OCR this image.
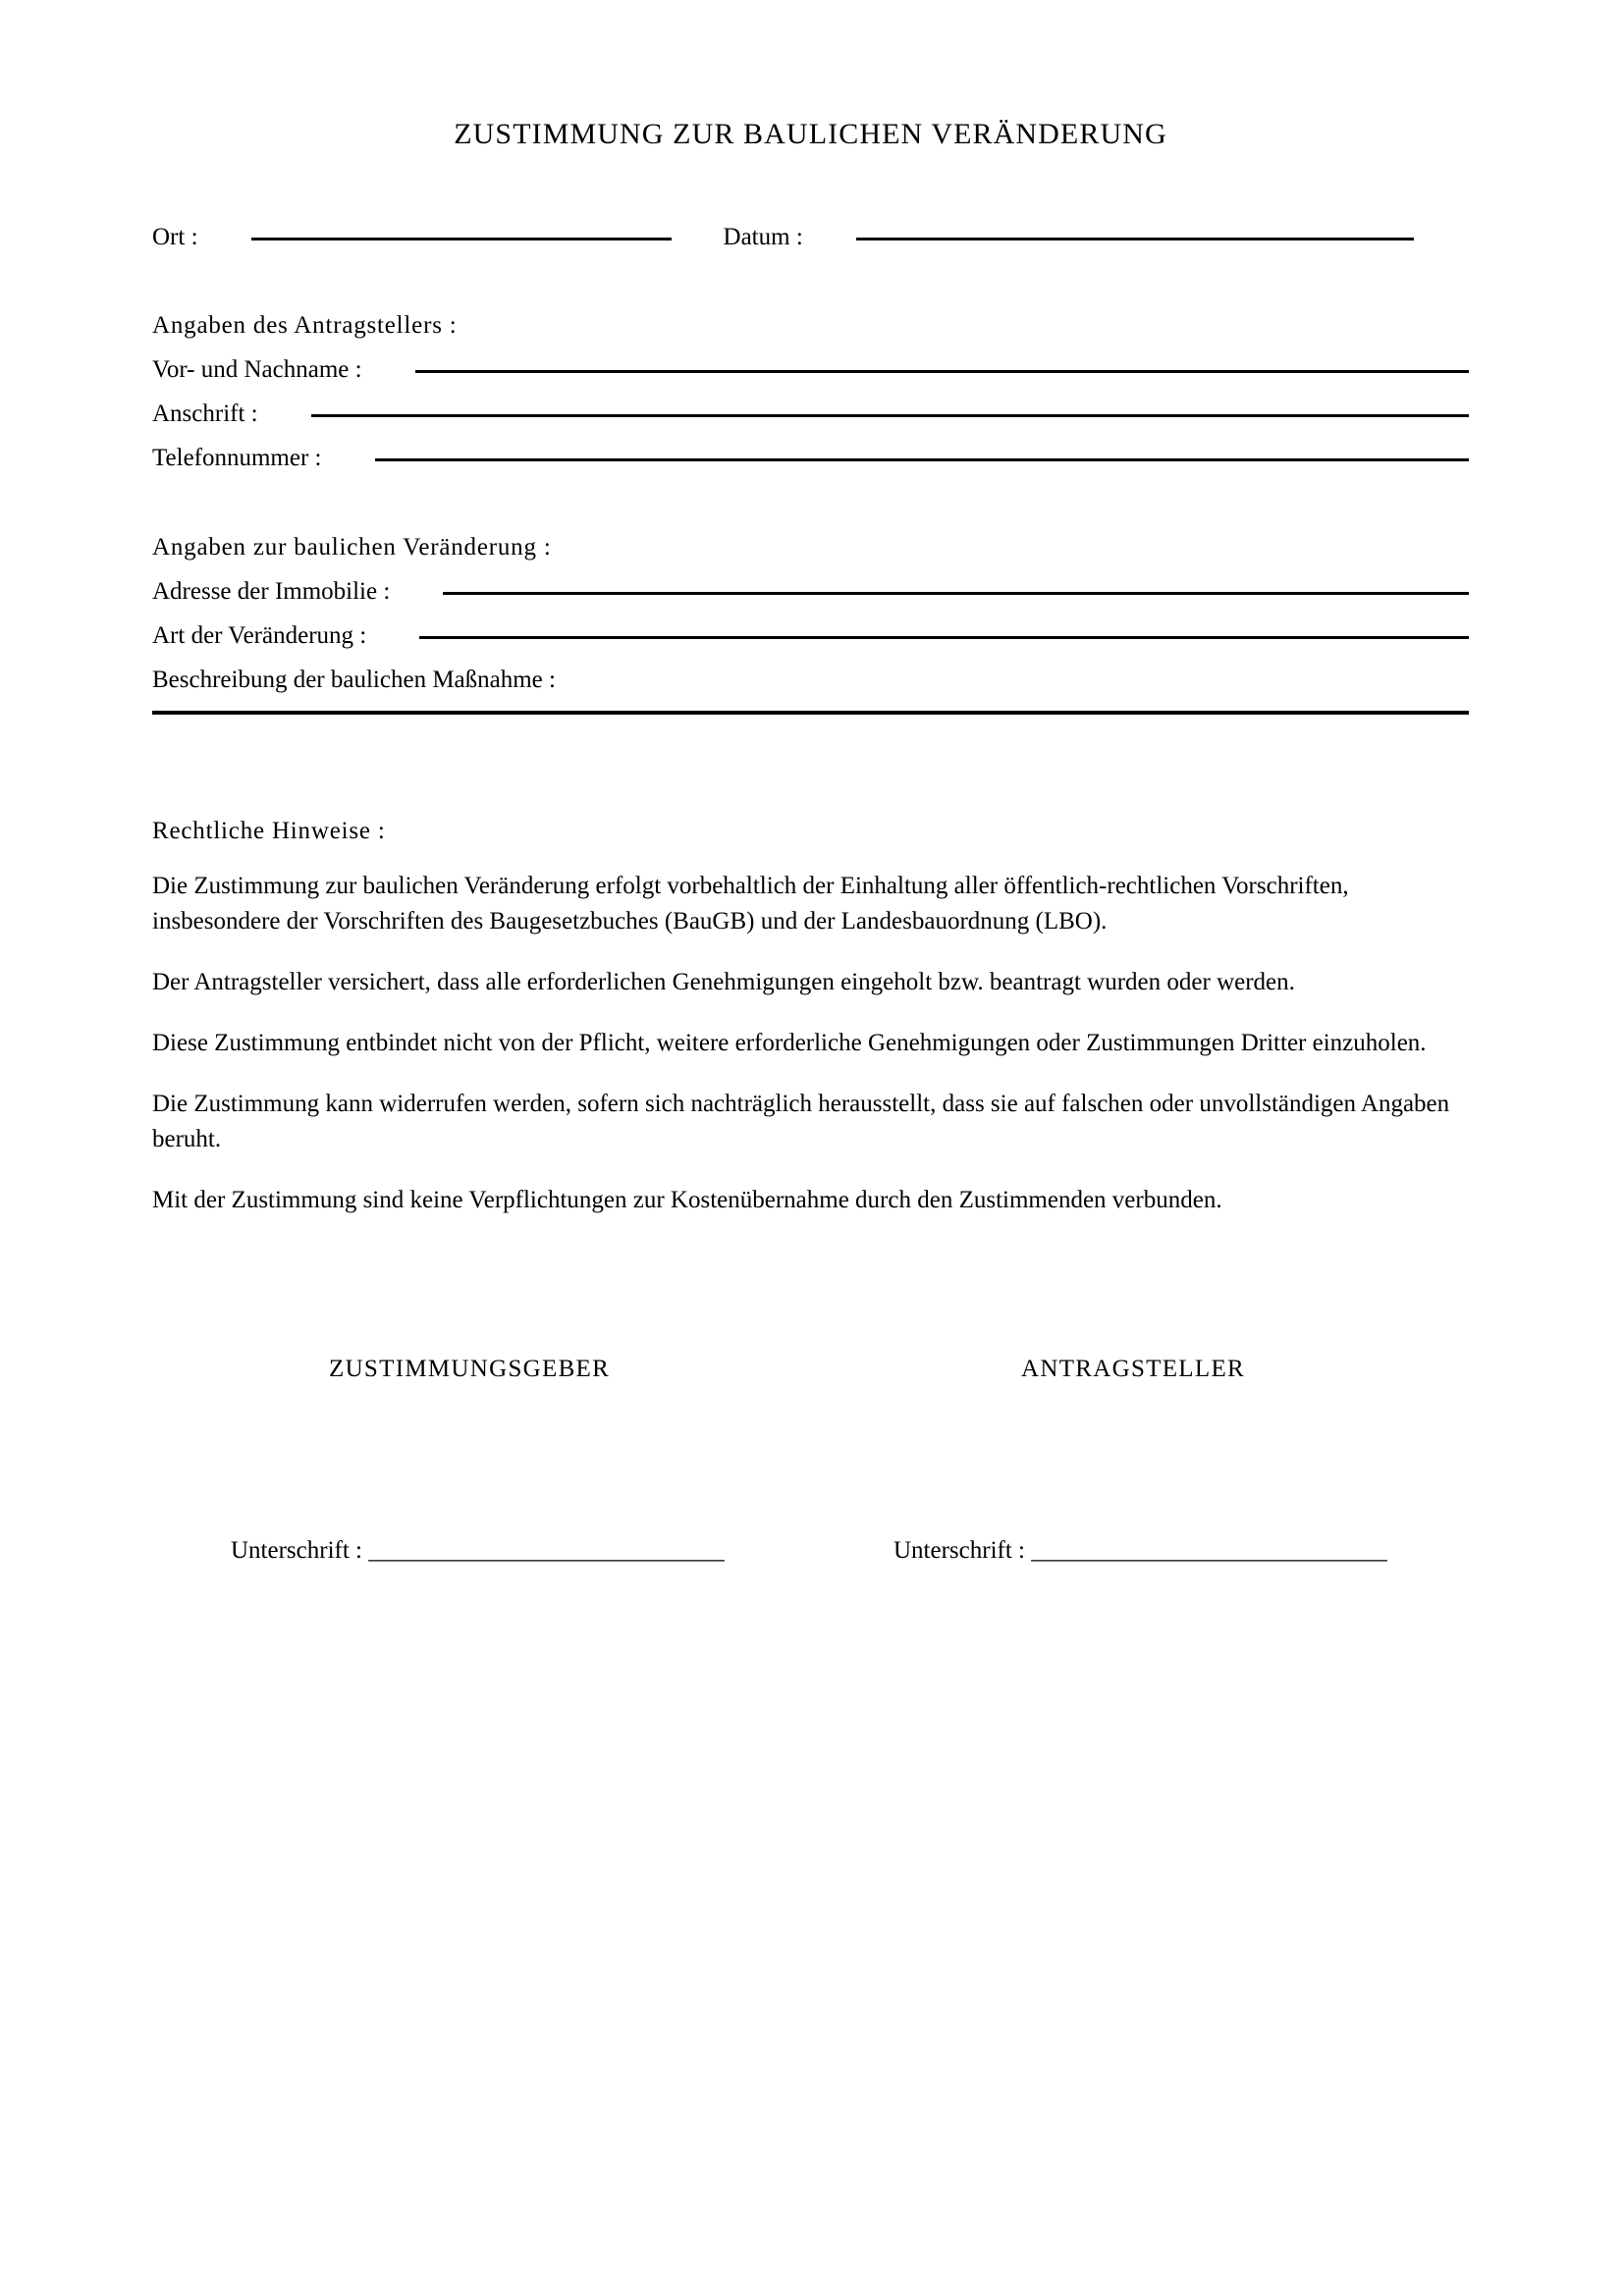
ZUSTIMMUNG ZUR BAULICHEN VERÄNDERUNG
Ort :	Datum :
Angaben des Antragstellers :
Vor- und Nachname :
Anschrift :
Telefonnummer :
Angaben zur baulichen Veränderung :
Adresse der Immobilie :
Art der Veränderung :
Beschreibung der baulichen Maßnahme :
Rechtliche Hinweise :
Die Zustimmung zur baulichen Veränderung erfolgt vorbehaltlich der Einhaltung aller öffentlich-rechtlichen Vorschriften, insbesondere der Vorschriften des Baugesetzbuches (BauGB) und der Landesbauordnung (LBO).
Der Antragsteller versichert, dass alle erforderlichen Genehmigungen eingeholt bzw. beantragt wurden oder werden.
Diese Zustimmung entbindet nicht von der Pflicht, weitere erforderliche Genehmigungen oder Zustimmungen Dritter einzuholen.
Die Zustimmung kann widerrufen werden, sofern sich nachträglich herausstellt, dass sie auf falschen oder unvollständigen Angaben beruht.
Mit der Zustimmung sind keine Verpflichtungen zur Kostenübernahme durch den Zustimmenden verbunden.
ZUSTIMMUNGSGEBER	ANTRAGSTELLER
Unterschrift : _____________________________	Unterschrift : _____________________________
